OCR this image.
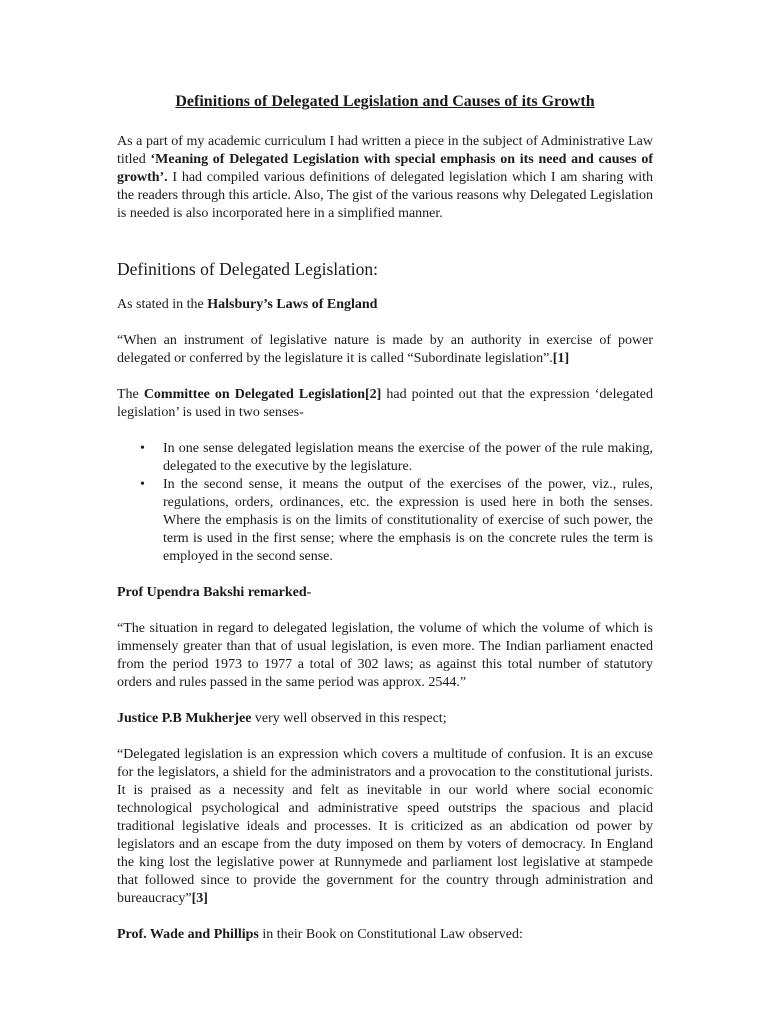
Definitions of Delegated Legislation and Causes of its Growth

As a part of my academic curriculum I had written a piece in the subject of Administrative Law titled ‘Meaning of Delegated Legislation with special emphasis on its need and causes of growth’. I had compiled various definitions of delegated legislation which I am sharing with the readers through this article. Also, The gist of the various reasons why Delegated Legislation is needed is also incorporated here in a simplified manner.

Definitions of Delegated Legislation:

As stated in the Halsbury’s Laws of England

“When an instrument of legislative nature is made by an authority in exercise of power delegated or conferred by the legislature it is called “Subordinate legislation”.[1]

The Committee on Delegated Legislation[2] had pointed out that the expression ‘delegated legislation’ is used in two senses-

• In one sense delegated legislation means the exercise of the power of the rule making, delegated to the executive by the legislature.
• In the second sense, it means the output of the exercises of the power, viz., rules, regulations, orders, ordinances, etc. the expression is used here in both the senses. Where the emphasis is on the limits of constitutionality of exercise of such power, the term is used in the first sense; where the emphasis is on the concrete rules the term is employed in the second sense.

Prof Upendra Bakshi remarked-

“The situation in regard to delegated legislation, the volume of which the volume of which is immensely greater than that of usual legislation, is even more. The Indian parliament enacted from the period 1973 to 1977 a total of 302 laws; as against this total number of statutory orders and rules passed in the same period was approx. 2544.”

Justice P.B Mukherjee very well observed in this respect;

“Delegated legislation is an expression which covers a multitude of confusion. It is an excuse for the legislators, a shield for the administrators and a provocation to the constitutional jurists. It is praised as a necessity and felt as inevitable in our world where social economic technological psychological and administrative speed outstrips the spacious and placid traditional legislative ideals and processes. It is criticized as an abdication od power by legislators and an escape from the duty imposed on them by voters of democracy. In England the king lost the legislative power at Runnymede and parliament lost legislative at stampede that followed since to provide the government for the country through administration and bureaucracy”[3]

Prof. Wade and Phillips in their Book on Constitutional Law observed:
